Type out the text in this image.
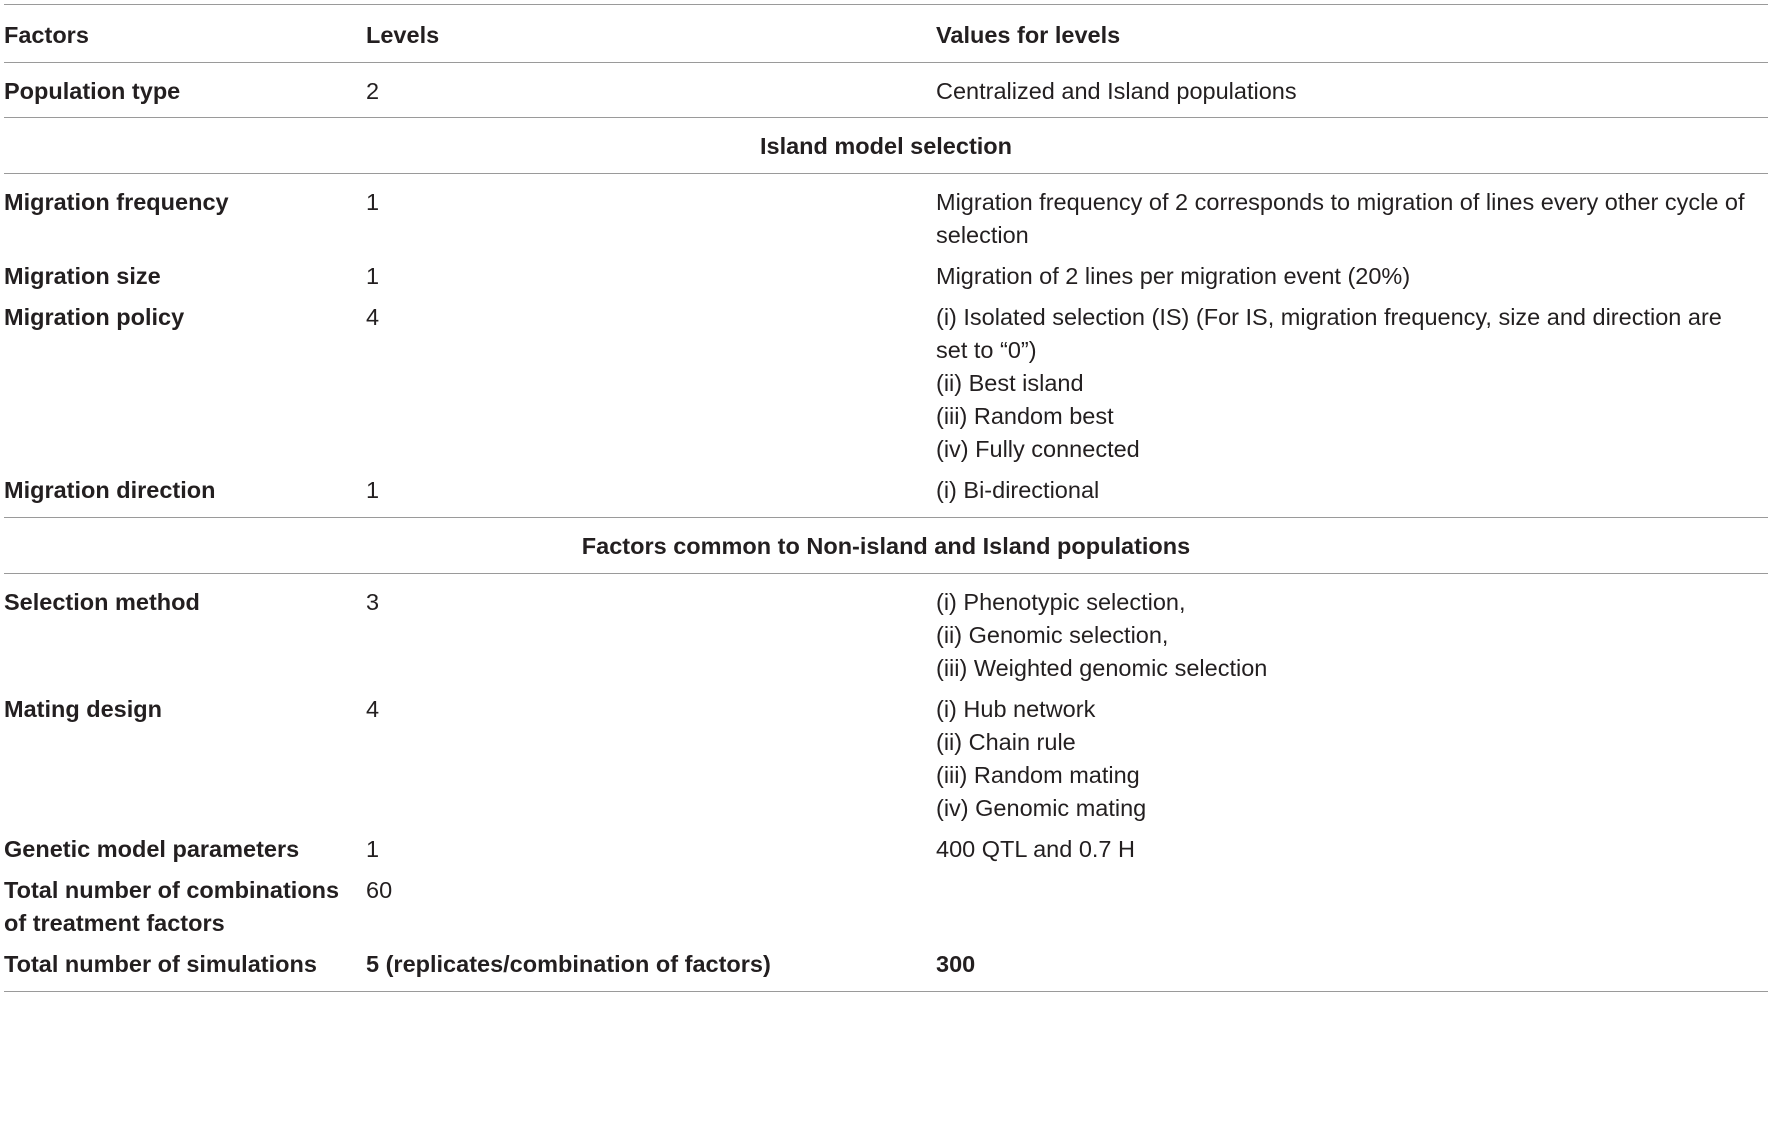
Factors	Levels	Values for levels
Population type	2	Centralized and Island populations
Island model selection		
Migration frequency	1	Migration frequency of 2 corresponds to migration of lines every other cycle of selection

Migration size	1	Migration of 2 lines per migration event (20%)

Migration policy	4	(i) Isolated selection (IS) (For IS, migration frequency, size and direction are set to “0”)
(ii) Best island
(iii) Random best
(iv) Fully connected

Migration direction	1	(i) Bi-directional

Factors common to Non-island and Island populations		
Selection method	3	(i) Phenotypic selection,
(ii) Genomic selection,
(iii) Weighted genomic selection

Mating design	4	(i) Hub network
(ii) Chain rule
(iii) Random mating
(iv) Genomic mating

Genetic model parameters	1	400 QTL and 0.7 H

Total number of combinations of treatment factors	60	
Total number of simulations	5 (replicates/combination of factors)	300
